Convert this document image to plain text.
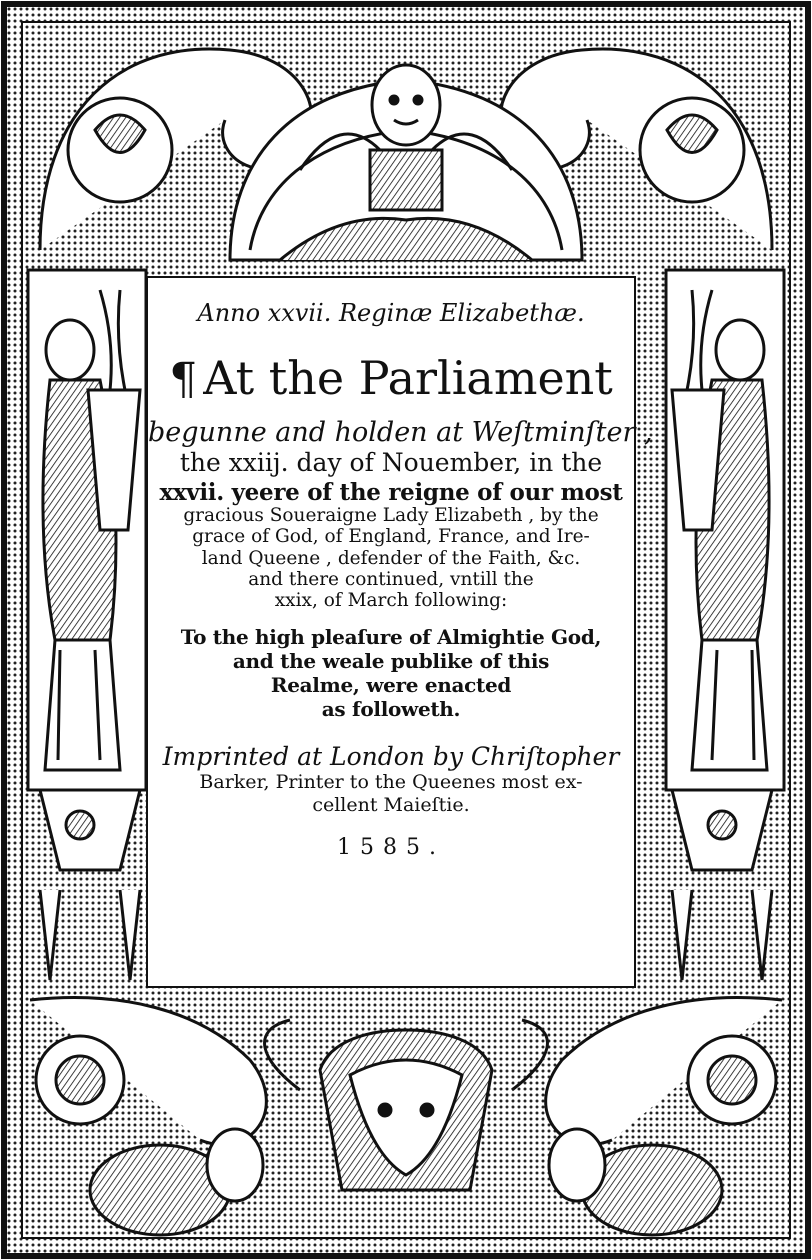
Anno xxvii. Reginæ Elizabethæ.
¶ At the Parliament
begunne and holden at Weſtminſter ,
the xxiij. day of Nouember, in the
xxvii. yeere of the reigne of our most
gracious Soueraigne Lady Elizabeth , by the
grace of God, of England, France, and Ire-
land Queene , defender of the Faith, &c.
and there continued, vntill the
xxix, of March following:
To the high pleaſure of Almightie God,
and the weale publike of this
Realme, were enacted
as followeth.
Imprinted at London by Chriſtopher
Barker, Printer to the Queenes most ex-
cellent Maieſtie.
1585.
